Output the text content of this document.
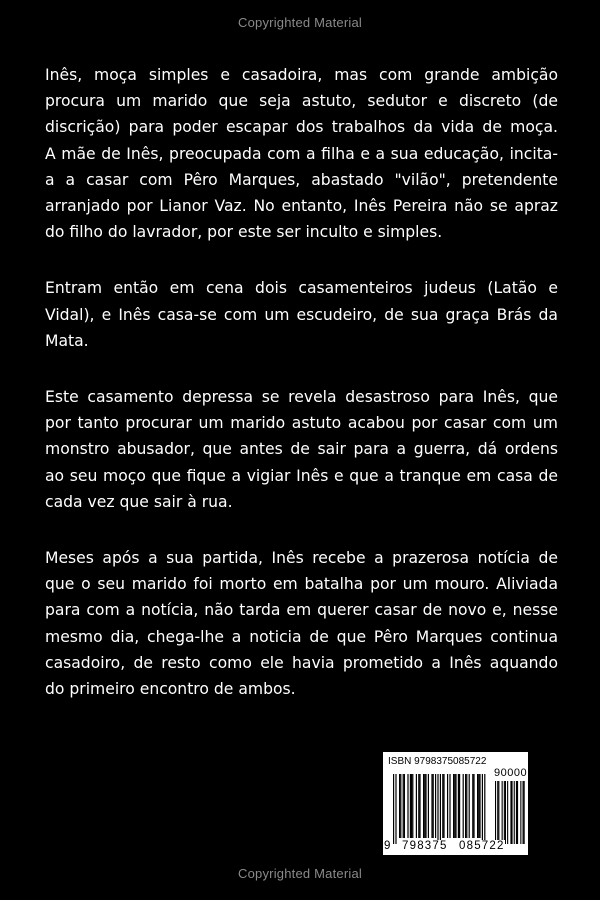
Copyrighted Material

Inês, moça simples e casadoira, mas com grande ambição
procura um marido que seja astuto, sedutor e discreto (de
discrição) para poder escapar dos trabalhos da vida de moça.
A mãe de Inês, preocupada com a filha e a sua educação, incita-
a a casar com Pêro Marques, abastado "vilão", pretendente
arranjado por Lianor Vaz. No entanto, Inês Pereira não se apraz
do filho do lavrador, por este ser inculto e simples.

Entram então em cena dois casamenteiros judeus (Latão e
Vidal), e Inês casa-se com um escudeiro, de sua graça Brás da
Mata.

Este casamento depressa se revela desastroso para Inês, que
por tanto procurar um marido astuto acabou por casar com um
monstro abusador, que antes de sair para a guerra, dá ordens
ao seu moço que fique a vigiar Inês e que a tranque em casa de
cada vez que sair à rua.

Meses após a sua partida, Inês recebe a prazerosa notícia de
que o seu marido foi morto em batalha por um mouro. Aliviada
para com a notícia, não tarda em querer casar de novo e, nesse
mesmo dia, chega-lhe a noticia de que Pêro Marques continua
casadoiro, de resto como ele havia prometido a Inês aquando
do primeiro encontro de ambos.

ISBN 9798375085722
90000
9 798375 085722
Copyrighted Material
